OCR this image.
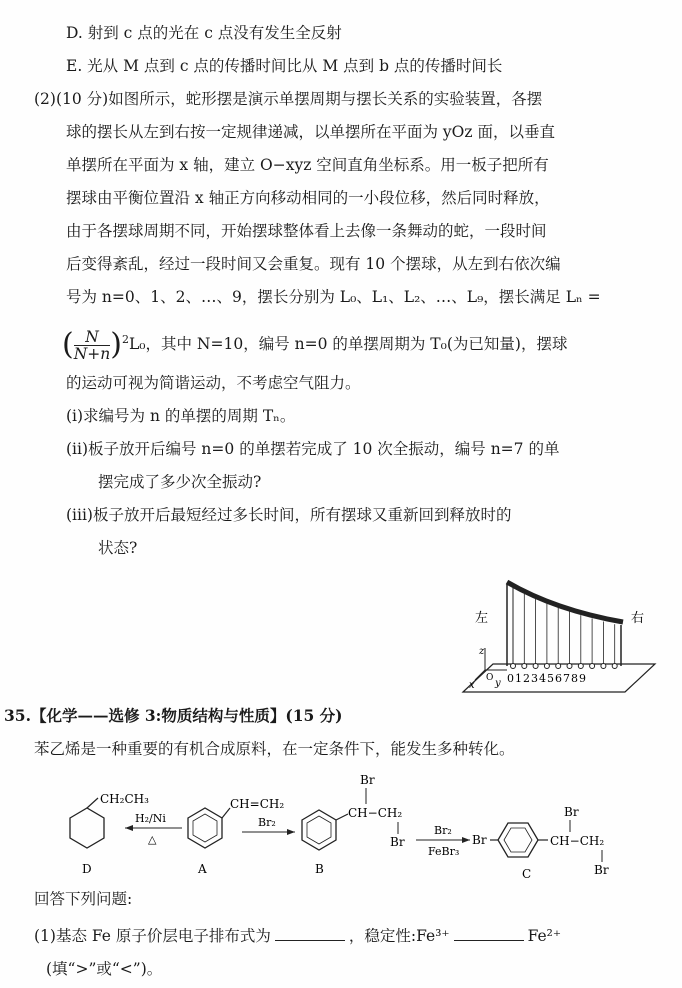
D. 射到 c 点的光在 c 点没有发生全反射
E. 光从 M 点到 c 点的传播时间比从 M 点到 b 点的传播时间长
(2)(10 分)如图所示，蛇形摆是演示单摆周期与摆长关系的实验装置，各摆
球的摆长从左到右按一定规律递减，以单摆所在平面为 yOz 面，以垂直
单摆所在平面为 x 轴，建立 O−xyz 空间直角坐标系。用一板子把所有
摆球由平衡位置沿 x 轴正方向移动相同的一小段位移，然后同时释放，
由于各摆球周期不同，开始摆球整体看上去像一条舞动的蛇，一段时间
后变得紊乱，经过一段时间又会重复。现有 10 个摆球，从左到右依次编
号为 n=0、1、2、…、9，摆长分别为 L₀、L₁、L₂、…、L₉，摆长满足 Lₙ =
( $\frac{N}{N+n} )^2L_0$，其中 N=10，编号 n=0 的单摆周期为 T₀(为已知量)，摆球
的运动可视为简谐运动，不考虑空气阻力。
(i)求编号为 n 的单摆的周期 Tₙ。
(ii)板子放开后编号 n=0 的单摆若完成了 10 次全振动，编号 n=7 的单
摆完成了多少次全振动?
(iii)板子放开后最短经过多长时间，所有摆球又重新回到释放时的
状态?
z
y
x
O 0123456789
左	右
35.【化学——选修 3:物质结构与性质】(15 分)
苯乙烯是一种重要的有机合成原料，在一定条件下，能发生多种转化。
CH₂CH₃
D
H₂/Ni
△
CH=CH₂
A
Br₂
Br
CH−CH₂
Br
B
Br₂
FeBr₃
Br
Br
CH−CH₂
Br
C
回答下列问题:
(1)基态 Fe 原子价层电子排布式为	，稳定性:Fe³⁺	Fe²⁺
(填“>”或“<”)。
